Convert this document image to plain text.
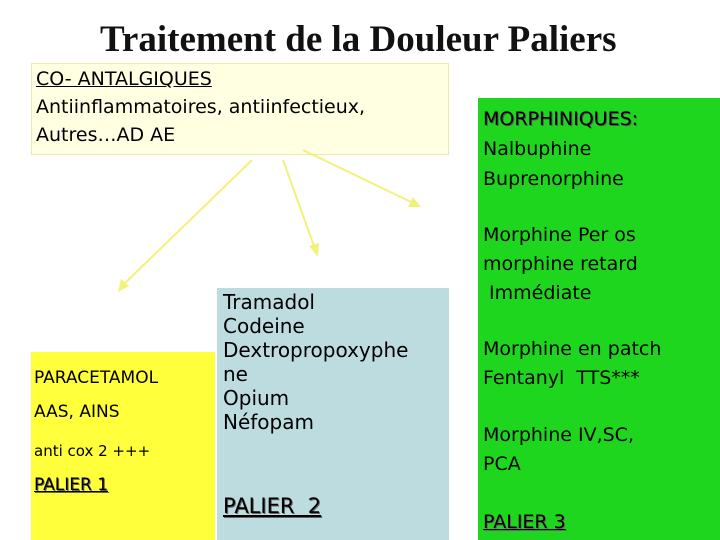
Traitement de la Douleur Paliers
CO- ANTALGIQUES
Antiinflammatoires, antiinfectieux,
Autres…AD AE
PARACETAMOL
AAS, AINS
anti cox 2 +++
PALIER 1
Tramadol
Codeine
Dextropropoxyphe
ne
Opium
Néfopam
PALIER  2
MORPHINIQUES:
Nalbuphine
Buprenorphine
Morphine Per os
morphine retard
Immédiate
Morphine en patch
Fentanyl  TTS***
Morphine IV,SC,
PCA
PALIER 3
